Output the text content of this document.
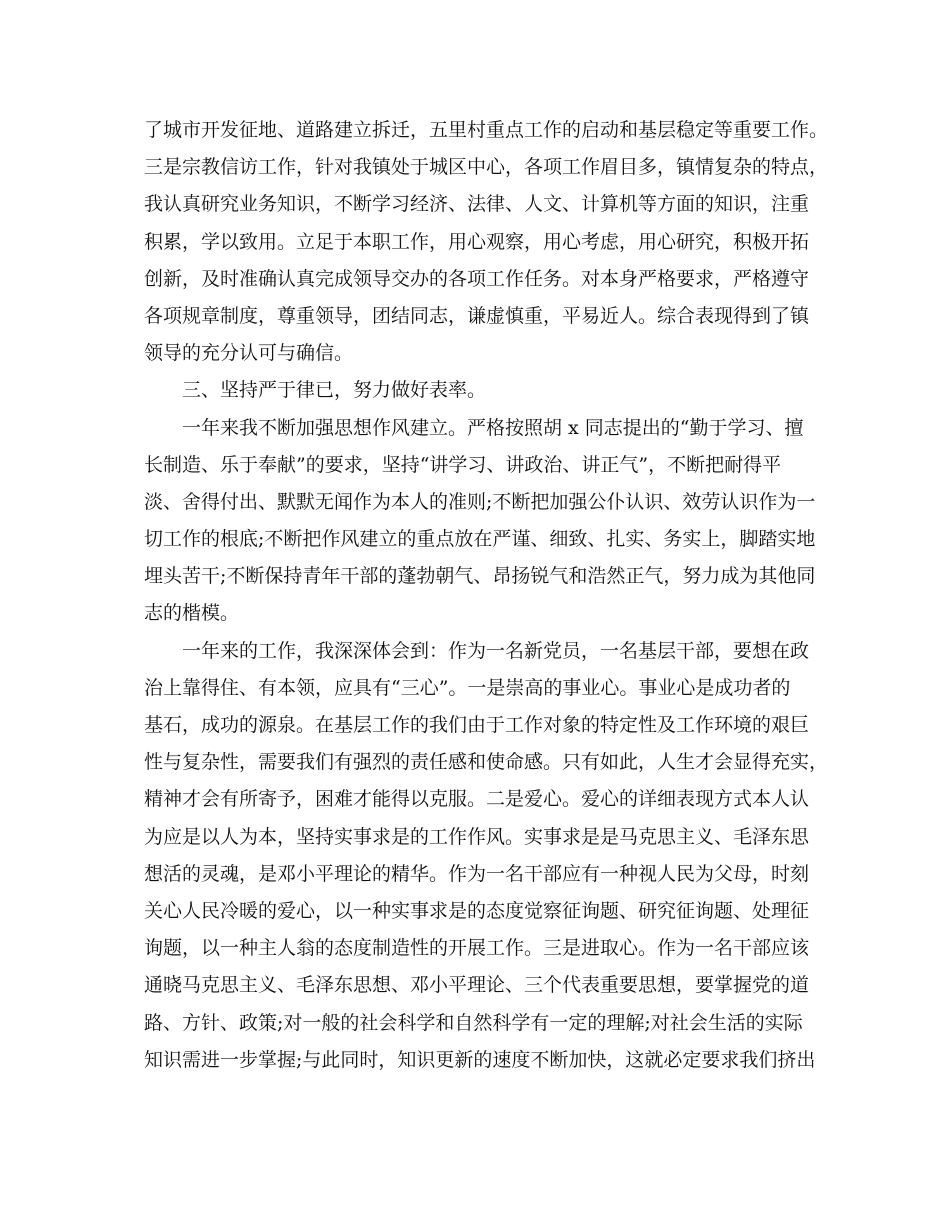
了城市开发征地、道路建立拆迁，五里村重点工作的启动和基层稳定等重要工作。
三是宗教信访工作，针对我镇处于城区中心，各项工作眉目多，镇情复杂的特点，
我认真研究业务知识，不断学习经济、法律、人文、计算机等方面的知识，注重
积累，学以致用。立足于本职工作，用心观察，用心考虑，用心研究，积极开拓
创新，及时准确认真完成领导交办的各项工作任务。对本身严格要求，严格遵守
各项规章制度，尊重领导，团结同志，谦虚慎重，平易近人。综合表现得到了镇
领导的充分认可与确信。
三、坚持严于律已，努力做好表率。
一年来我不断加强思想作风建立。严格按照胡 x 同志提出的“勤于学习、擅
长制造、乐于奉献”的要求，坚持“讲学习、讲政治、讲正气”，不断把耐得平
淡、舍得付出、默默无闻作为本人的准则;不断把加强公仆认识、效劳认识作为一
切工作的根底;不断把作风建立的重点放在严谨、细致、扎实、务实上，脚踏实地
埋头苦干;不断保持青年干部的蓬勃朝气、昂扬锐气和浩然正气，努力成为其他同
志的楷模。
一年来的工作，我深深体会到：作为一名新党员，一名基层干部，要想在政
治上靠得住、有本领，应具有“三心”。一是崇高的事业心。事业心是成功者的
基石，成功的源泉。在基层工作的我们由于工作对象的特定性及工作环境的艰巨
性与复杂性，需要我们有强烈的责任感和使命感。只有如此，人生才会显得充实，
精神才会有所寄予，困难才能得以克服。二是爱心。爱心的详细表现方式本人认
为应是以人为本，坚持实事求是的工作作风。实事求是是马克思主义、毛泽东思
想活的灵魂，是邓小平理论的精华。作为一名干部应有一种视人民为父母，时刻
关心人民冷暖的爱心，以一种实事求是的态度觉察征询题、研究征询题、处理征
询题，以一种主人翁的态度制造性的开展工作。三是进取心。作为一名干部应该
通晓马克思主义、毛泽东思想、邓小平理论、三个代表重要思想，要掌握党的道
路、方针、政策;对一般的社会科学和自然科学有一定的理解;对社会生活的实际
知识需进一步掌握;与此同时，知识更新的速度不断加快，这就必定要求我们挤出
